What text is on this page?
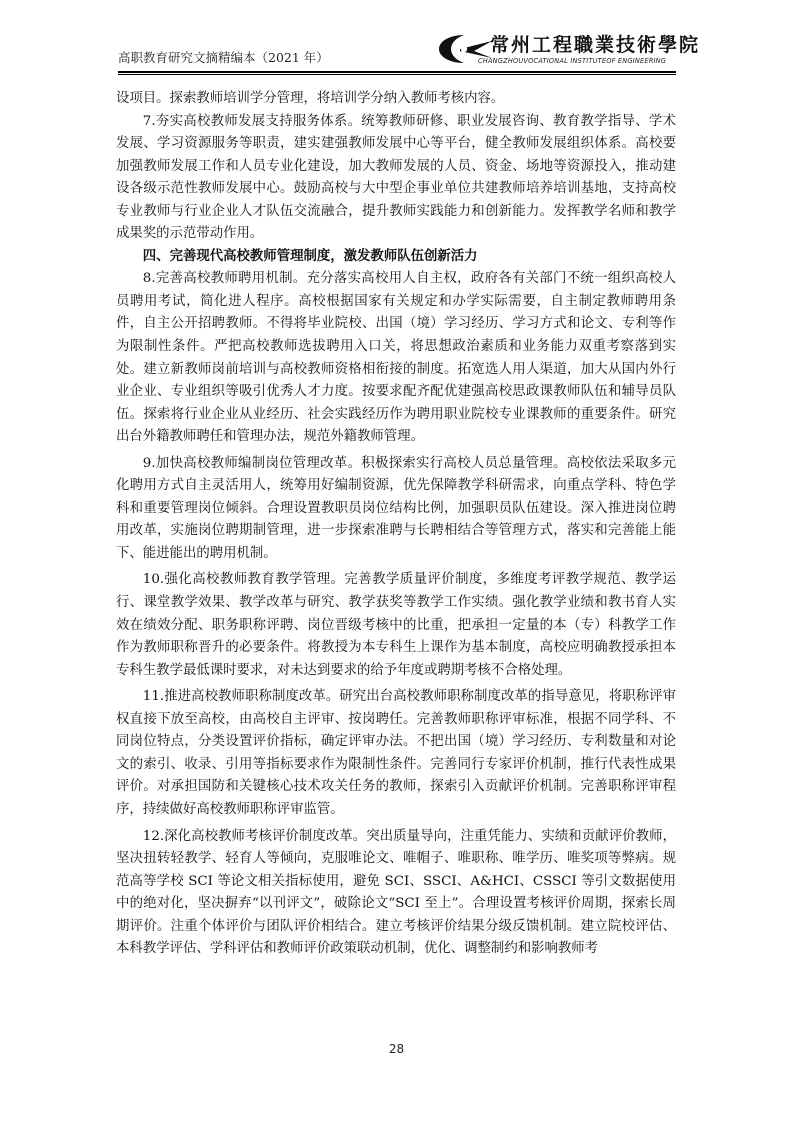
高职教育研究文摘精编本（2021 年）
常州工程職業技術學院
CHANGZHOUVOCATIONAL INSTITUTEOF ENGINEERING

设项目。探索教师培训学分管理，将培训学分纳入教师考核内容。

7.夯实高校教师发展支持服务体系。统筹教师研修、职业发展咨询、教育教学指导、学术发展、学习资源服务等职责，建实建强教师发展中心等平台，健全教师发展组织体系。高校要加强教师发展工作和人员专业化建设，加大教师发展的人员、资金、场地等资源投入，推动建设各级示范性教师发展中心。鼓励高校与大中型企事业单位共建教师培养培训基地，支持高校专业教师与行业企业人才队伍交流融合，提升教师实践能力和创新能力。发挥教学名师和教学成果奖的示范带动作用。

四、完善现代高校教师管理制度，激发教师队伍创新活力

8.完善高校教师聘用机制。充分落实高校用人自主权，政府各有关部门不统一组织高校人员聘用考试，简化进人程序。高校根据国家有关规定和办学实际需要，自主制定教师聘用条件，自主公开招聘教师。不得将毕业院校、出国（境）学习经历、学习方式和论文、专利等作为限制性条件。严把高校教师选拔聘用入口关，将思想政治素质和业务能力双重考察落到实处。建立新教师岗前培训与高校教师资格相衔接的制度。拓宽选人用人渠道，加大从国内外行业企业、专业组织等吸引优秀人才力度。按要求配齐配优建强高校思政课教师队伍和辅导员队伍。探索将行业企业从业经历、社会实践经历作为聘用职业院校专业课教师的重要条件。研究出台外籍教师聘任和管理办法，规范外籍教师管理。

9.加快高校教师编制岗位管理改革。积极探索实行高校人员总量管理。高校依法采取多元化聘用方式自主灵活用人，统筹用好编制资源，优先保障教学科研需求，向重点学科、特色学科和重要管理岗位倾斜。合理设置教职员岗位结构比例，加强职员队伍建设。深入推进岗位聘用改革，实施岗位聘期制管理，进一步探索准聘与长聘相结合等管理方式，落实和完善能上能下、能进能出的聘用机制。

10.强化高校教师教育教学管理。完善教学质量评价制度，多维度考评教学规范、教学运行、课堂教学效果、教学改革与研究、教学获奖等教学工作实绩。强化教学业绩和教书育人实效在绩效分配、职务职称评聘、岗位晋级考核中的比重，把承担一定量的本（专）科教学工作作为教师职称晋升的必要条件。将教授为本专科生上课作为基本制度，高校应明确教授承担本专科生教学最低课时要求，对未达到要求的给予年度或聘期考核不合格处理。

11.推进高校教师职称制度改革。研究出台高校教师职称制度改革的指导意见，将职称评审权直接下放至高校，由高校自主评审、按岗聘任。完善教师职称评审标准，根据不同学科、不同岗位特点，分类设置评价指标，确定评审办法。不把出国（境）学习经历、专利数量和对论文的索引、收录、引用等指标要求作为限制性条件。完善同行专家评价机制，推行代表性成果评价。对承担国防和关键核心技术攻关任务的教师，探索引入贡献评价机制。完善职称评审程序，持续做好高校教师职称评审监管。

12.深化高校教师考核评价制度改革。突出质量导向，注重凭能力、实绩和贡献评价教师，坚决扭转轻教学、轻育人等倾向，克服唯论文、唯帽子、唯职称、唯学历、唯奖项等弊病。规范高等学校 SCI 等论文相关指标使用，避免 SCI、SSCI、A&HCI、CSSCI 等引文数据使用中的绝对化，坚决摒弃“以刊评文”，破除论文“SCI 至上”。合理设置考核评价周期，探索长周期评价。注重个体评价与团队评价相结合。建立考核评价结果分级反馈机制。建立院校评估、本科教学评估、学科评估和教师评价政策联动机制，优化、调整制约和影响教师考

28
